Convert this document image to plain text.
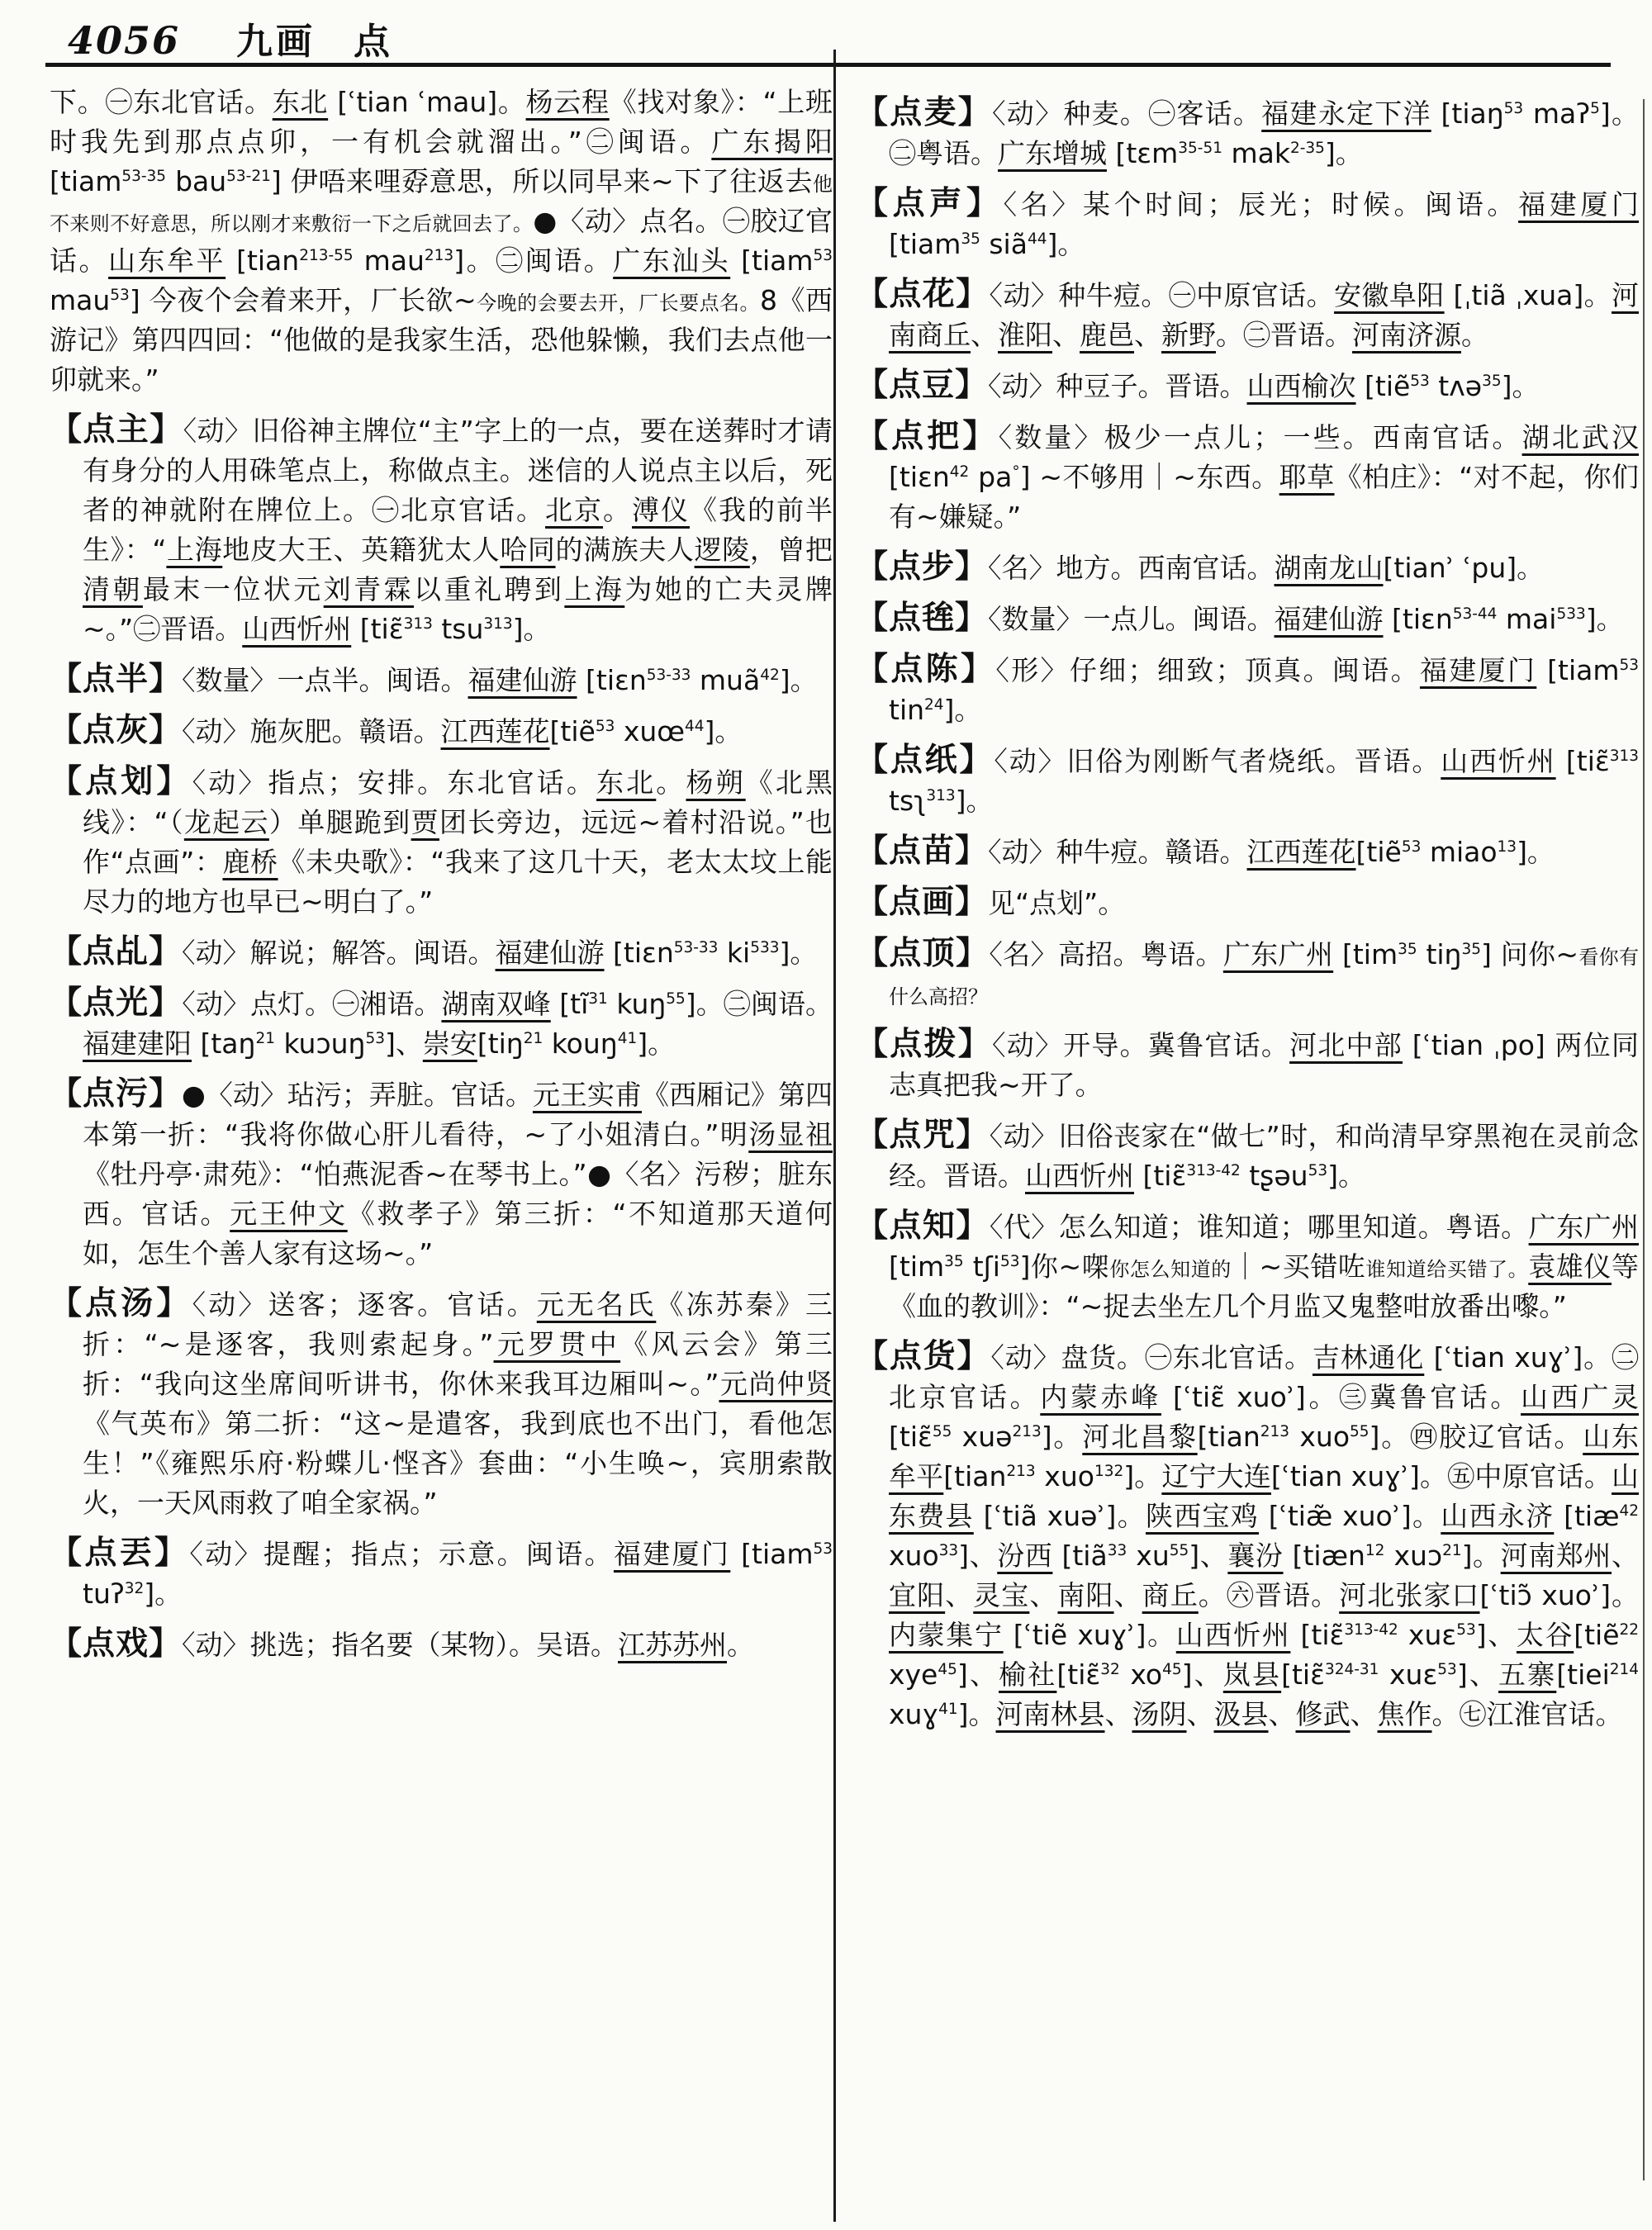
4056 九画 点

下。㊀东北官话。东北 [ʿtian ʿmau]。杨云程《找对象》：“上班时我先到那点点卯，一有机会就溜出。”㊁闽语。广东揭阳 [tiam$^{53-35}$ bau$^{53-21}$] 伊唔来哩孬意思，所以同早来~下了往返去他不来则不好意思，所以刚才来敷衍一下之后就回去了。●〈动〉点名。㊀胶辽官话。山东牟平 [tian$^{213-55}$ mau$^{213}$]。㊁闽语。广东汕头 [tiam$^{53}$ mau$^{53}$] 今夜个会着来开，厂长欲~今晚的会要去开，厂长要点名。8《西游记》第四四回：“他做的是我家生活，恐他躲懒，我们去点他一卯就来。”

【点主】〈动〉旧俗神主牌位“主”字上的一点，要在送葬时才请有身分的人用硃笔点上，称做点主。迷信的人说点主以后，死者的神就附在牌位上。㊀北京官话。北京。溥仪《我的前半生》：“上海地皮大王、英籍犹太人哈同的满族夫人逻陵，曾把清朝最末一位状元刘青霖以重礼聘到上海为她的亡夫灵牌~。”㊁晋语。山西忻州 [tiɛ̃$^{313}$ tsu$^{313}$]。

【点半】〈数量〉一点半。闽语。福建仙游 [tiɛn$^{53-33}$ muã$^{42}$]。

【点灰】〈动〉施灰肥。赣语。江西莲花[tiẽ$^{53}$ xuœ$^{44}$]。

【点划】〈动〉指点；安排。东北官话。东北。杨朔《北黑线》：“（龙起云）单腿跪到贾团长旁边，远远~着村沿说。”也作“点画”：鹿桥《未央歌》：“我来了这几十天，老太太坟上能尽力的地方也早已~明白了。”

【点乩】〈动〉解说；解答。闽语。福建仙游 [tiɛn$^{53-33}$ $ki^{533}$]。

【点光】〈动〉点灯。㊀湘语。湖南双峰 [$tĩ^{31}$ kuŋ$^{55}$]。㊁闽语。福建建阳 [taŋ$^{21}$ kuɔuŋ$^{53}$]、崇安[tiŋ$^{21}$ kouŋ$^{41}$]。

【点污】●〈动〉玷污；弄脏。官话。元王实甫《西厢记》第四本第一折：“我将你做心肝儿看待，~了小姐清白。”明汤显祖《牡丹亭·肃苑》：“怕燕泥香~在琴书上。”●〈名〉污秽；脏东西。官话。元王仲文《救孝子》第三折：“不知道那天道何如，怎生个善人家有这场~。”

【点汤】〈动〉送客；逐客。官话。元无名氏《冻苏秦》三折：“~是逐客，我则索起身。”元罗贯中《风云会》第三折：“我向这坐席间听讲书，你休来我耳边厢叫~。”元尚仲贤《气英布》第二折：“这~是遣客，我到底也不出门，看他怎生！”《雍熙乐府·粉蝶儿·悭吝》套曲：“小生唤~，宾朋索散火，一天风雨救了咱全家祸。”

【点丟】〈动〉提醒；指点；示意。闽语。福建厦门 [tiam$^{53}$ tuʔ$^{32}$]。

【点戏】〈动〉挑选；指名要（某物）。吴语。江苏苏州。

【点麦】〈动〉种麦。㊀客话。福建永定下洋 [tiaŋ$^{53}$ maʔ$^5$]。㊁粤语。广东增城 [tɛm$^{35-51}$ mak$^{2-35}$]。

【点声】〈名〉某个时间；辰光；时候。闽语。福建厦门 [tiam$^{35}$ siã$^{44}$]。

【点花】〈动〉种牛痘。㊀中原官话。安徽阜阳 [ˌtiã ˌxua]。河南商丘、淮阳、鹿邑、新野。㊁晋语。河南济源。

【点豆】〈动〉种豆子。晋语。山西榆次 [tiẽ$^{53}$ tʌə$^{35}$]。

【点把】〈数量〉极少一点儿；一些。西南官话。湖北武汉 [tiɛn$^{42}$ pa°] ~不够用｜~东西。耶草《柏庄》：“对不起，你们有~嫌疑。”

【点步】〈名〉地方。西南官话。湖南龙山[tianʾ ʿpu]。

【点毪】〈数量〉一点儿。闽语。福建仙游 [tiɛn$^{53-44}$ mai$^{533}$]。

【点陈】〈形〉仔细；细致；顶真。闽语。福建厦门 [tiam$^{53}$ tin$^{24}$]。

【点纸】〈动〉旧俗为刚断气者烧纸。晋语。山西忻州 [tiɛ̃$^{313}$ tsʅ$^{313}$]。

【点苗】〈动〉种牛痘。赣语。江西莲花[tiẽ$^{53}$ miao$^{13}$]。

【点画】见“点划”。

【点顶】〈名〉高招。粤语。广东广州 [tim$^{35}$ tiŋ$^{35}$] 问你~看你有什么高招？

【点拨】〈动〉开导。冀鲁官话。河北中部 [ʿtian ˌpo] 两位同志真把我~开了。

【点咒】〈动〉旧俗丧家在“做七”时，和尚清早穿黑袍在灵前念经。晋语。山西忻州 [tiɛ̃$^{313-42}$ tʂəu$^{53}$]。

【点知】〈代〉怎么知道；谁知道；哪里知道。粤语。广东广州 [tim$^{35}$ tʃi$^{53}$]你~㗎你怎么知道的｜~买错咗谁知道给买错了。袁雄仪等《血的教训》：“~捉去坐左几个月监又鬼整咁放番出嚟。”

【点货】〈动〉盘货。㊀东北官话。吉林通化 [ʿtian xuɣʾ]。㊁北京官话。内蒙赤峰 [ʿtiɛ̃ xuoʾ]。㊂冀鲁官话。山西广灵 [tiɛ̃$^{55}$ xuə$^{213}$]。河北昌黎[tian$^{213}$ xuo$^{55}$]。㊃胶辽官话。山东牟平[tian$^{213}$ xuo$^{132}$]。辽宁大连[ʿtian xuɣʾ]。㊄中原官话。山东费县 [ʿtiã xuəʾ]。陕西宝鸡 [ʿtiæ̃ xuoʾ]。山西永济 [tiæ$^{42}$ xuo$^{33}$]、汾西 [tiã$^{33}$ $xu^{55}$]、襄汾 [tiæn$^{12}$ xuɔ$^{21}$]。河南郑州、宜阳、灵宝、南阳、商丘。㊅晋语。河北张家口[ʿtiɔ̃ xuoʾ]。内蒙集宁 [ʿtiẽ xuɣʾ]。山西忻州 [tiɛ̃$^{313-42}$ xuɛ$^{53}$]、太谷[tiẽ$^{22}$ xye$^{45}$]、榆社[tiɛ̃$^{32}$ $xo^{45}$]、岚县[tiɛ̃$^{324-31}$ xuɛ$^{53}$]、五寨[tiei$^{214}$ xuɣ$^{41}$]。河南林县、汤阴、汲县、修武、焦作。㊆江淮官话。
